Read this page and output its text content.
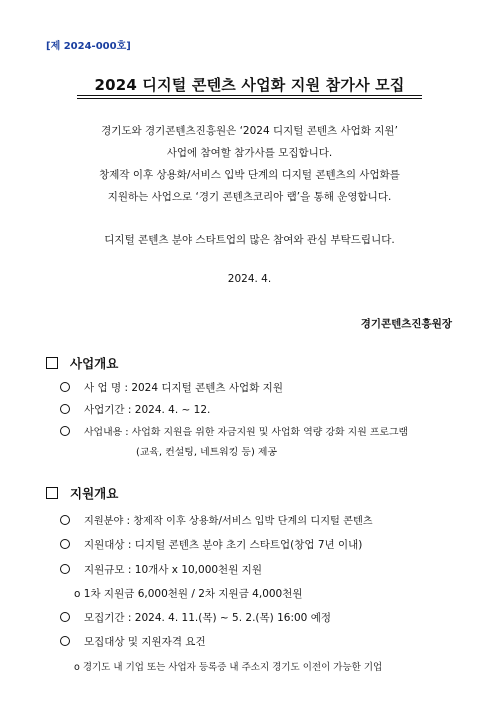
[제 2024-000호]
2024 디지털 콘텐츠 사업화 지원 참가사 모집
경기도와 경기콘텐츠진흥원은 ‘2024 디지털 콘텐츠 사업화 지원’
사업에 참여할 참가사를 모집합니다.
창제작 이후 상용화/서비스 입박 단계의 디지털 콘텐츠의 사업화를
지원하는 사업으로 ‘경기 콘텐츠코리아 랩’을 통해 운영합니다.
디지털 콘텐츠 분야 스타트업의 많은 참여와 관심 부탁드립니다.
2024. 4.
경기콘텐츠진흥원장
사업개요
사 업 명 : 2024 디지털 콘텐츠 사업화 지원
사업기간 : 2024. 4. ~ 12.
사업내용 : 사업화 지원을 위한 자금지원 및 사업화 역량 강화 지원 프로그램
(교육, 컨설팅, 네트워킹 등) 제공
지원개요
지원분야 : 창제작 이후 상용화/서비스 입박 단계의 디지털 콘텐츠
지원대상 : 디지털 콘텐츠 분야 초기 스타트업(창업 7년 이내)
지원규모 : 10개사 x 10,000천원 지원
o 1차 지원금 6,000천원 / 2차 지원금 4,000천원
모집기간 : 2024. 4. 11.(목) ~ 5. 2.(목) 16:00 예정
모집대상 및 지원자격 요건
o 경기도 내 기업 또는 사업자 등록증 내 주소지 경기도 이전이 가능한 기업
